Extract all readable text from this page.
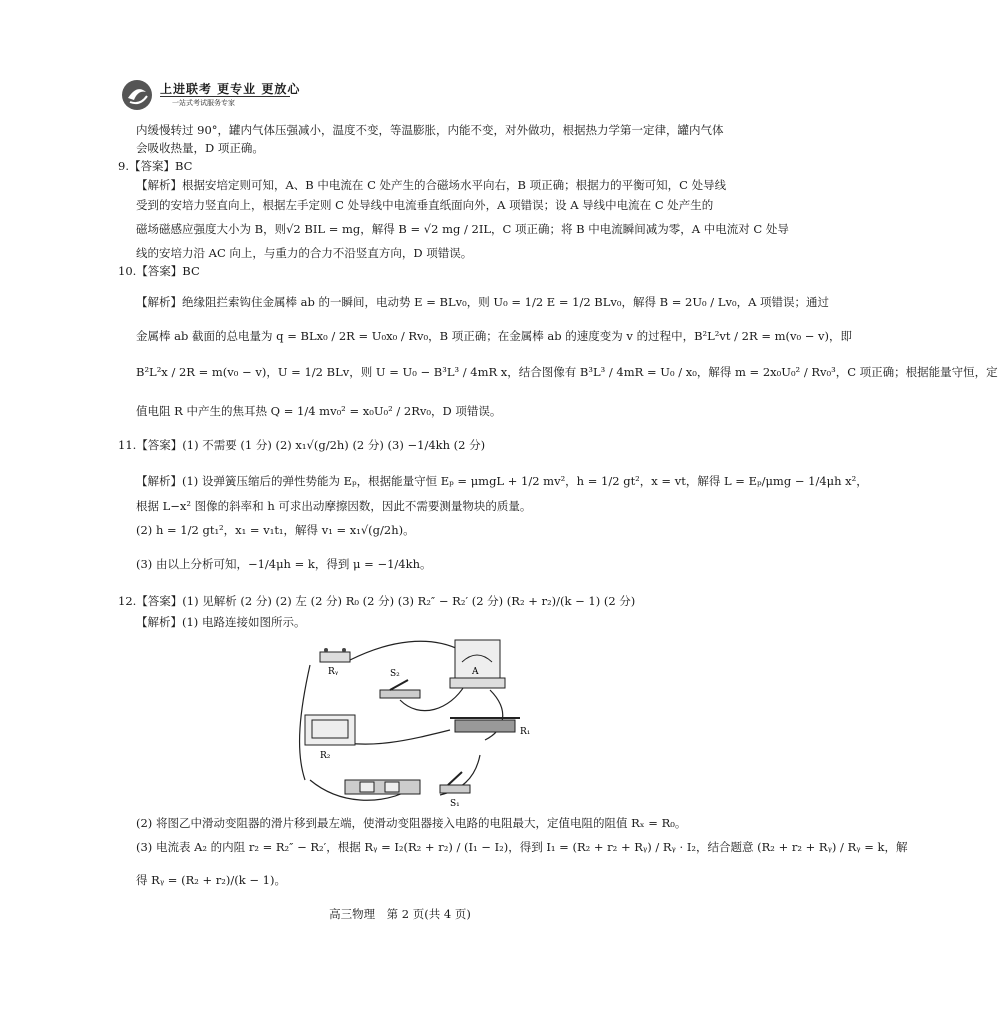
上进联考 更专业 更放心
一站式考试服务专家
内缓慢转过 90°，罐内气体压强减小，温度不变，等温膨胀，内能不变，对外做功，根据热力学第一定律，罐内气体
会吸收热量，D 项正确。
9.【答案】BC
【解析】根据安培定则可知，A、B 中电流在 C 处产生的合磁场水平向右，B 项正确；根据力的平衡可知，C 处导线
受到的安培力竖直向上，根据左手定则 C 处导线中电流垂直纸面向外，A 项错误；设 A 导线中电流在 C 处产生的
磁场磁感应强度大小为 B，则√2 BIL = mg，解得 B = √2 mg / 2IL，C 项正确；将 B 中电流瞬间减为零，A 中电流对 C 处导
线的安培力沿 AC 向上，与重力的合力不沿竖直方向，D 项错误。
10.【答案】BC
【解析】绝缘阻拦索钩住金属棒 ab 的一瞬间，电动势 E = BLv₀，则 U₀ = 1/2 E = 1/2 BLv₀，解得 B = 2U₀ / Lv₀，A 项错误；通过
金属棒 ab 截面的总电量为 q = BLx₀ / 2R = U₀x₀ / Rv₀，B 项正确；在金属棒 ab 的速度变为 v 的过程中，B²L²vt / 2R = m(v₀ − v)，即
B²L²x / 2R = m(v₀ − v)，U = 1/2 BLv，则 U = U₀ − B³L³ / 4mR x，结合图像有 B³L³ / 4mR = U₀ / x₀，解得 m = 2x₀U₀² / Rv₀³，C 项正确；根据能量守恒，定
值电阻 R 中产生的焦耳热 Q = 1/4 mv₀² = x₀U₀² / 2Rv₀，D 项错误。
11.【答案】(1) 不需要 (1 分) (2) x₁√(g/2h) (2 分) (3) −1/4kh (2 分)
【解析】(1) 设弹簧压缩后的弹性势能为 Eₚ，根据能量守恒 Eₚ = μmgL + 1/2 mv²，h = 1/2 gt²，x = vt，解得 L = Eₚ/μmg − 1/4μh x²，
根据 L−x² 图像的斜率和 h 可求出动摩擦因数，因此不需要测量物块的质量。
(2) h = 1/2 gt₁²，x₁ = v₁t₁，解得 v₁ = x₁√(g/2h)。
(3) 由以上分析可知，−1/4μh = k，得到 μ = −1/4kh。
12.【答案】(1) 见解析 (2 分) (2) 左 (2 分) R₀ (2 分) (3) R₂″ − R₂′ (2 分) (R₂ + r₂)/(k − 1) (2 分)
【解析】(1) 电路连接如图所示。
Rᵧ	S₂	A
R₁
R₂
S₁
(2) 将图乙中滑动变阻器的滑片移到最左端，使滑动变阻器接入电路的电阻最大，定值电阻的阻值 Rₓ = R₀。
(3) 电流表 A₂ 的内阻 r₂ = R₂″ − R₂′，根据 Rᵧ = I₂(R₂ + r₂) / (I₁ − I₂)，得到 I₁ = (R₂ + r₂ + Rᵧ) / Rᵧ · I₂，结合题意 (R₂ + r₂ + Rᵧ) / Rᵧ = k，解
得 Rᵧ = (R₂ + r₂)/(k − 1)。
高三物理　第 2 页(共 4 页)
